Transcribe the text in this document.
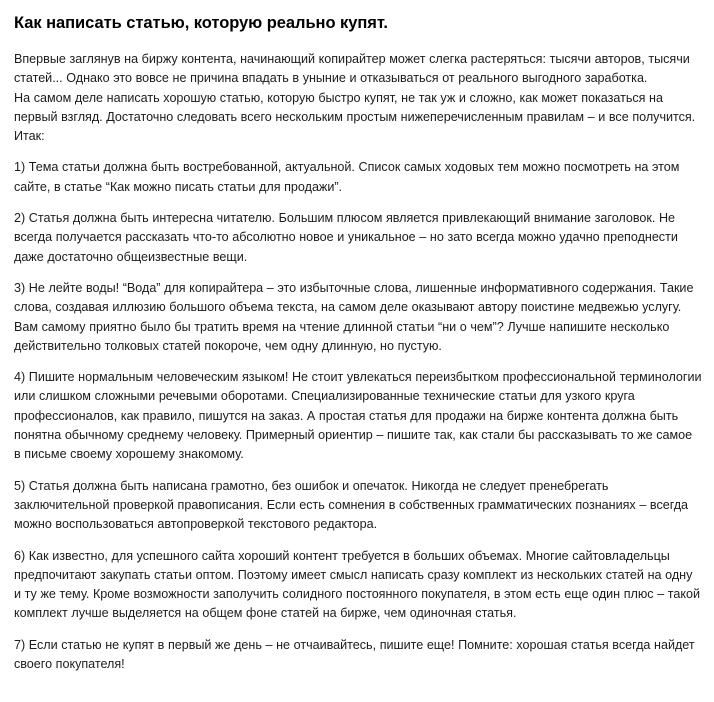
Как написать статью, которую реально купят.

Впервые заглянув на биржу контента, начинающий копирайтер может слегка растеряться: тысячи авторов, тысячи статей... Однако это вовсе не причина впадать в уныние и отказываться от реального выгодного заработка.

На самом деле написать хорошую статью, которую быстро купят, не так уж и сложно, как может показаться на первый взгляд. Достаточно следовать всего нескольким простым нижеперечисленным правилам – и все получится. Итак:

1) Тема статьи должна быть востребованной, актуальной. Список самых ходовых тем можно посмотреть на этом сайте, в статье “Как можно писать статьи для продажи”.

2) Статья должна быть интересна читателю. Большим плюсом является привлекающий внимание заголовок. Не всегда получается рассказать что-то абсолютно новое и уникальное – но зато всегда можно удачно преподнести даже достаточно общеизвестные вещи.

3) Не лейте воды! “Вода” для копирайтера – это избыточные слова, лишенные информативного содержания. Такие слова, создавая иллюзию большого объема текста, на самом деле оказывают автору поистине медвежью услугу. Вам самому приятно было бы тратить время на чтение длинной статьи “ни о чем”? Лучше напишите несколько действительно толковых статей покороче, чем одну длинную, но пустую.

4) Пишите нормальным человеческим языком! Не стоит увлекаться переизбытком профессиональной терминологии или слишком сложными речевыми оборотами. Специализированные технические статьи для узкого круга профессионалов, как правило, пишутся на заказ. А простая статья для продажи на бирже контента должна быть понятна обычному среднему человеку. Примерный ориентир – пишите так, как стали бы рассказывать то же самое в письме своему хорошему знакомому.

5) Статья должна быть написана грамотно, без ошибок и опечаток. Никогда не следует пренебрегать заключительной проверкой правописания. Если есть сомнения в собственных грамматических познаниях – всегда можно воспользоваться автопроверкой текстового редактора.

6) Как известно, для успешного сайта хороший контент требуется в больших объемах. Многие сайтовладельцы предпочитают закупать статьи оптом. Поэтому имеет смысл написать сразу комплект из нескольких статей на одну и ту же тему. Кроме возможности заполучить солидного постоянного покупателя, в этом есть еще один плюс – такой комплект лучше выделяется на общем фоне статей на бирже, чем одиночная статья.

7) Если статью не купят в первый же день – не отчаивайтесь, пишите еще! Помните: хорошая статья всегда найдет своего покупателя!
